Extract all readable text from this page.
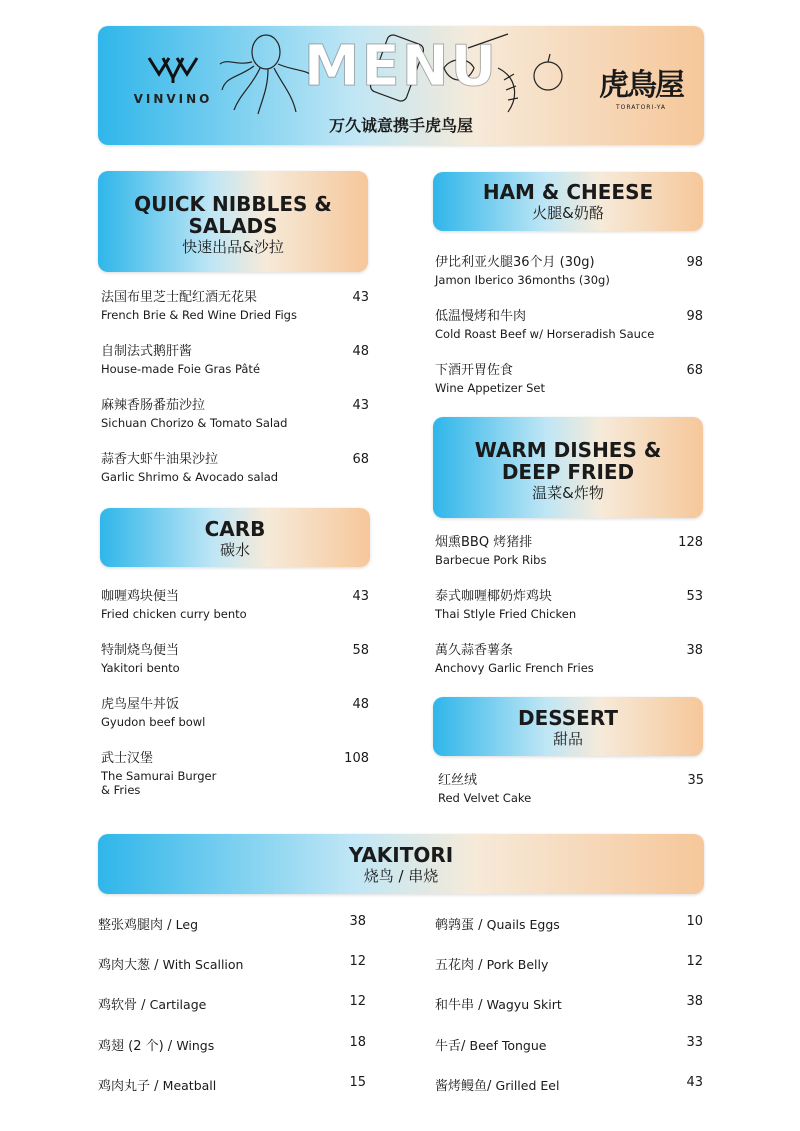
VINVINO	MENU
万久诚意携手虎鸟屋
虎鳥屋
TORATORI-YA
QUICK NIBBLES &
SALADS
快速出品&沙拉
法国布里芝士配红酒无花果
French Brie & Red Wine Dried Figs
43
自制法式鹅肝酱
House-made Foie Gras Pâté
48
麻辣香肠番茄沙拉
Sichuan Chorizo & Tomato Salad
43
蒜香大虾牛油果沙拉
Garlic Shrimo & Avocado salad
68
CARB
碳水
咖喱鸡块便当
Fried chicken curry bento
43
特制烧鸟便当
Yakitori bento
58
虎鸟屋牛丼饭
Gyudon beef bowl
48
武士汉堡
The Samurai Burger
& Fries
108
HAM & CHEESE
火腿&奶酪
伊比利亚火腿36个月 (30g)
Jamon Iberico 36months (30g)
98
低温慢烤和牛肉
Cold Roast Beef w/ Horseradish Sauce
98
下酒开胃佐食
Wine Appetizer Set
68
WARM DISHES &
DEEP FRIED
温菜&炸物
烟熏BBQ 烤猪排
Barbecue Pork Ribs
128
泰式咖喱椰奶炸鸡块
Thai Stlyle Fried Chicken
53
萬久蒜香薯条
Anchovy Garlic French Fries
38
DESSERT
甜品
红丝绒
Red Velvet Cake
35
YAKITORI
烧鸟 / 串烧
整张鸡腿肉 / Leg	38
鸡肉大葱 / With Scallion	12
鸡软骨 / Cartilage	12
鸡翅 (2 个) / Wings	18
鸡肉丸子 / Meatball	15
鹌鹑蛋 / Quails Eggs	10
五花肉 / Pork Belly	12
和牛串 / Wagyu Skirt	38
牛舌/ Beef Tongue	33
酱烤鳗鱼/ Grilled Eel	43
